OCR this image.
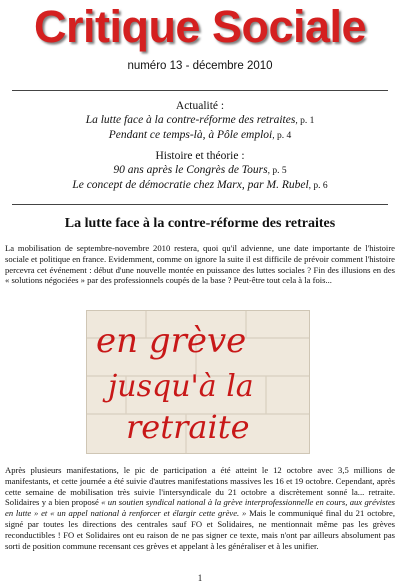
Critique Sociale
numéro 13 - décembre 2010
Actualité :
La lutte face à la contre-réforme des retraites, p. 1
Pendant ce temps-là, à Pôle emploi, p. 4
Histoire et théorie :
90 ans après le Congrès de Tours, p. 5
Le concept de démocratie chez Marx, par M. Rubel, p. 6
La lutte face à la contre-réforme des retraites

La mobilisation de septembre-novembre 2010 restera, quoi qu'il advienne, une date importante de l'histoire sociale et politique en france. Evidemment, comme on ignore la suite il est difficile de prévoir comment l'histoire percevra cet événement : début d'une nouvelle montée en puissance des luttes sociales ? Fin des illusions en des « solutions négociées » par des professionnels coupés de la base ? Peut-être tout cela à la fois...

en grève
jusqu'à la
retraite

Après plusieurs manifestations, le pic de participation a été atteint le 12 octobre avec 3,5 millions de manifestants, et cette journée a été suivie d'autres manifestations massives les 16 et 19 octobre. Cependant, après cette semaine de mobilisation très suivie l'intersyndicale du 21 octobre a discrètement sonné la... retraite. Solidaires y a bien proposé « un soutien syndical national à la grève interprofessionnelle en cours, aux grévistes en lutte » et « un appel national à renforcer et élargir cette grève. » Mais le communiqué final du 21 octobre, signé par toutes les directions des centrales sauf FO et Solidaires, ne mentionnait même pas les grèves reconductibles ! FO et Solidaires ont eu raison de ne pas signer ce texte, mais n'ont par ailleurs absolument pas sorti de position commune recensant ces grèves et appelant à les généraliser et à les unifier.

1
